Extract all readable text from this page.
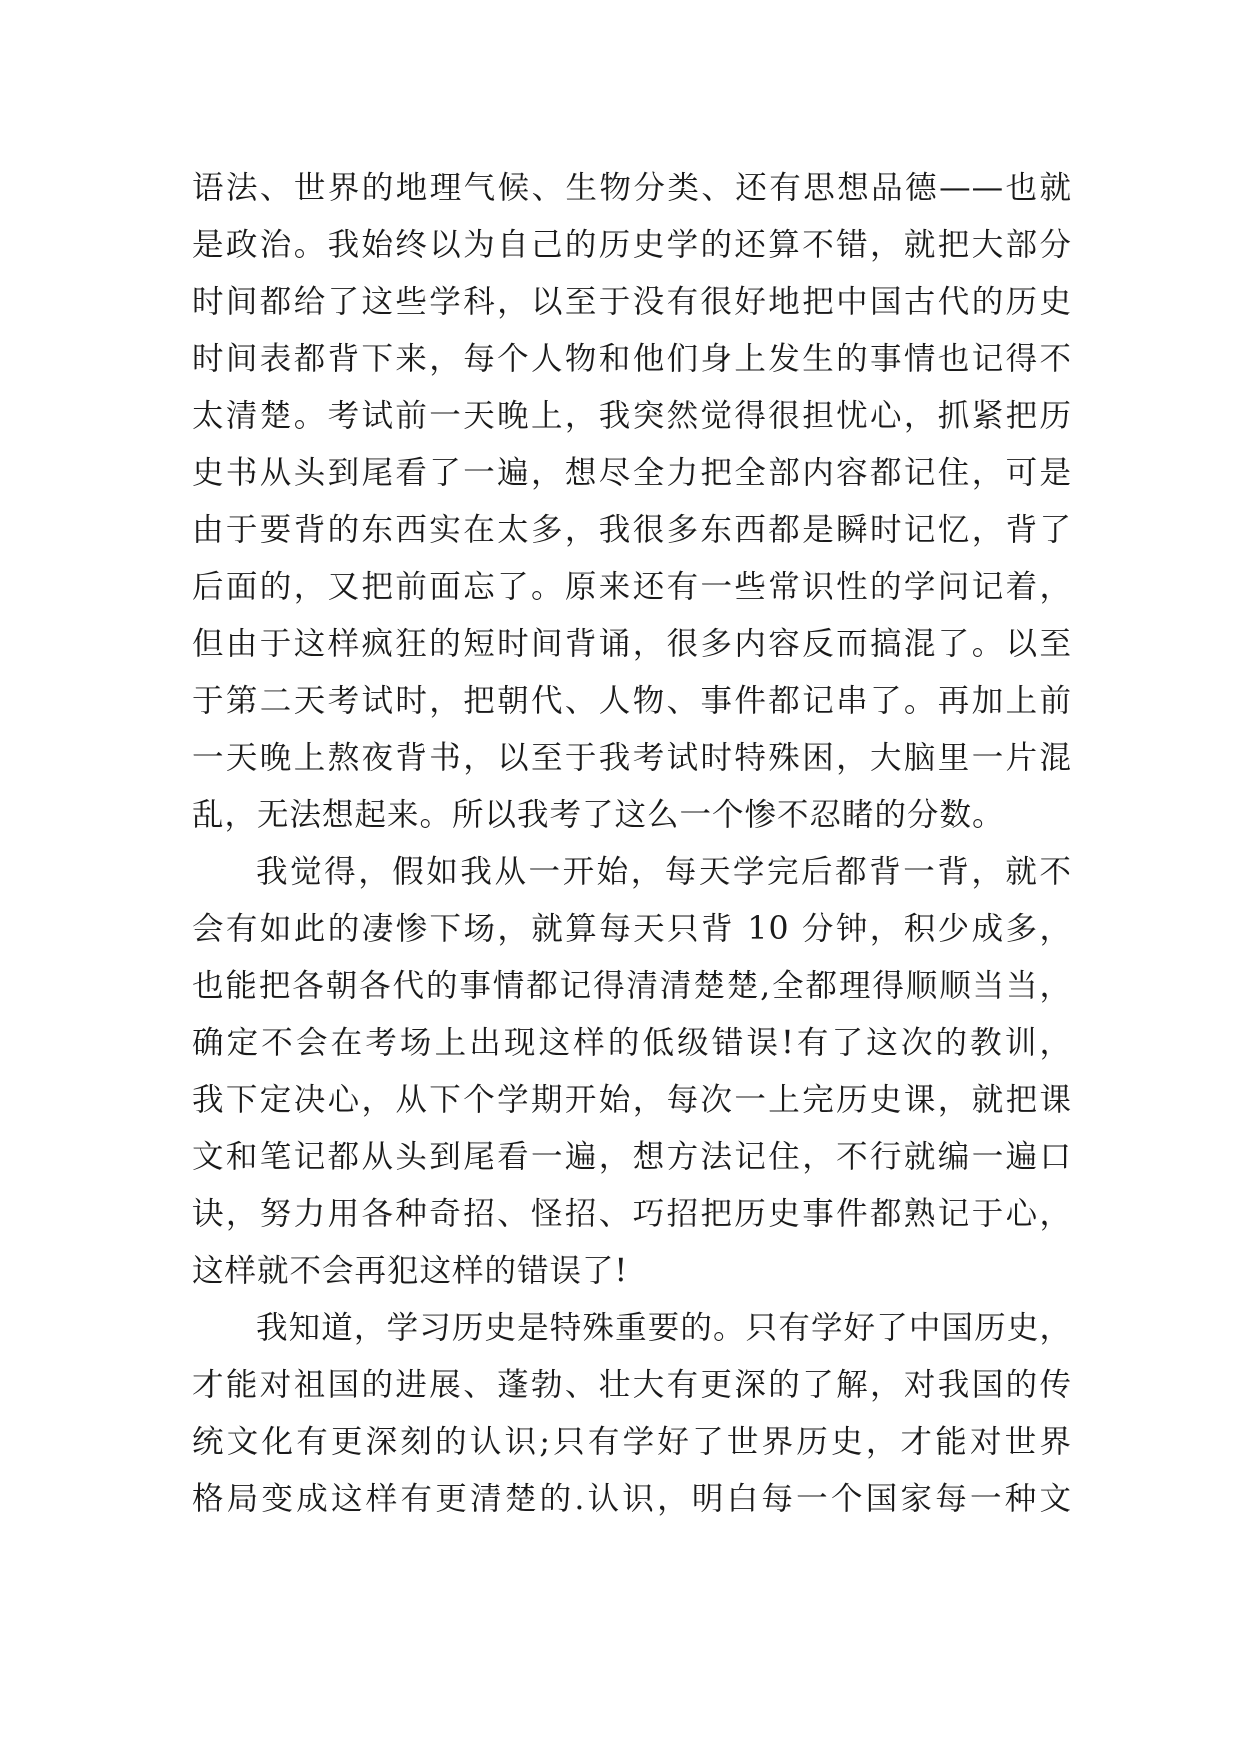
语法、世界的地理气候、生物分类、还有思想品德——也就
是政治。我始终以为自己的历史学的还算不错，就把大部分
时间都给了这些学科，以至于没有很好地把中国古代的历史
时间表都背下来，每个人物和他们身上发生的事情也记得不
太清楚。考试前一天晚上，我突然觉得很担忧心，抓紧把历
史书从头到尾看了一遍，想尽全力把全部内容都记住，可是
由于要背的东西实在太多，我很多东西都是瞬时记忆，背了
后面的，又把前面忘了。原来还有一些常识性的学问记着，
但由于这样疯狂的短时间背诵，很多内容反而搞混了。以至
于第二天考试时，把朝代、人物、事件都记串了。再加上前
一天晚上熬夜背书，以至于我考试时特殊困，大脑里一片混
乱，无法想起来。所以我考了这么一个惨不忍睹的分数。
我觉得，假如我从一开始，每天学完后都背一背，就不
会有如此的凄惨下场，就算每天只背 10 分钟，积少成多，
也能把各朝各代的事情都记得清清楚楚,全都理得顺顺当当，
确定不会在考场上出现这样的低级错误!有了这次的教训，
我下定决心，从下个学期开始，每次一上完历史课，就把课
文和笔记都从头到尾看一遍，想方法记住，不行就编一遍口
诀，努力用各种奇招、怪招、巧招把历史事件都熟记于心，
这样就不会再犯这样的错误了!
我知道，学习历史是特殊重要的。只有学好了中国历史，
才能对祖国的进展、蓬勃、壮大有更深的了解，对我国的传
统文化有更深刻的认识;只有学好了世界历史，才能对世界
格局变成这样有更清楚的.认识，明白每一个国家每一种文
